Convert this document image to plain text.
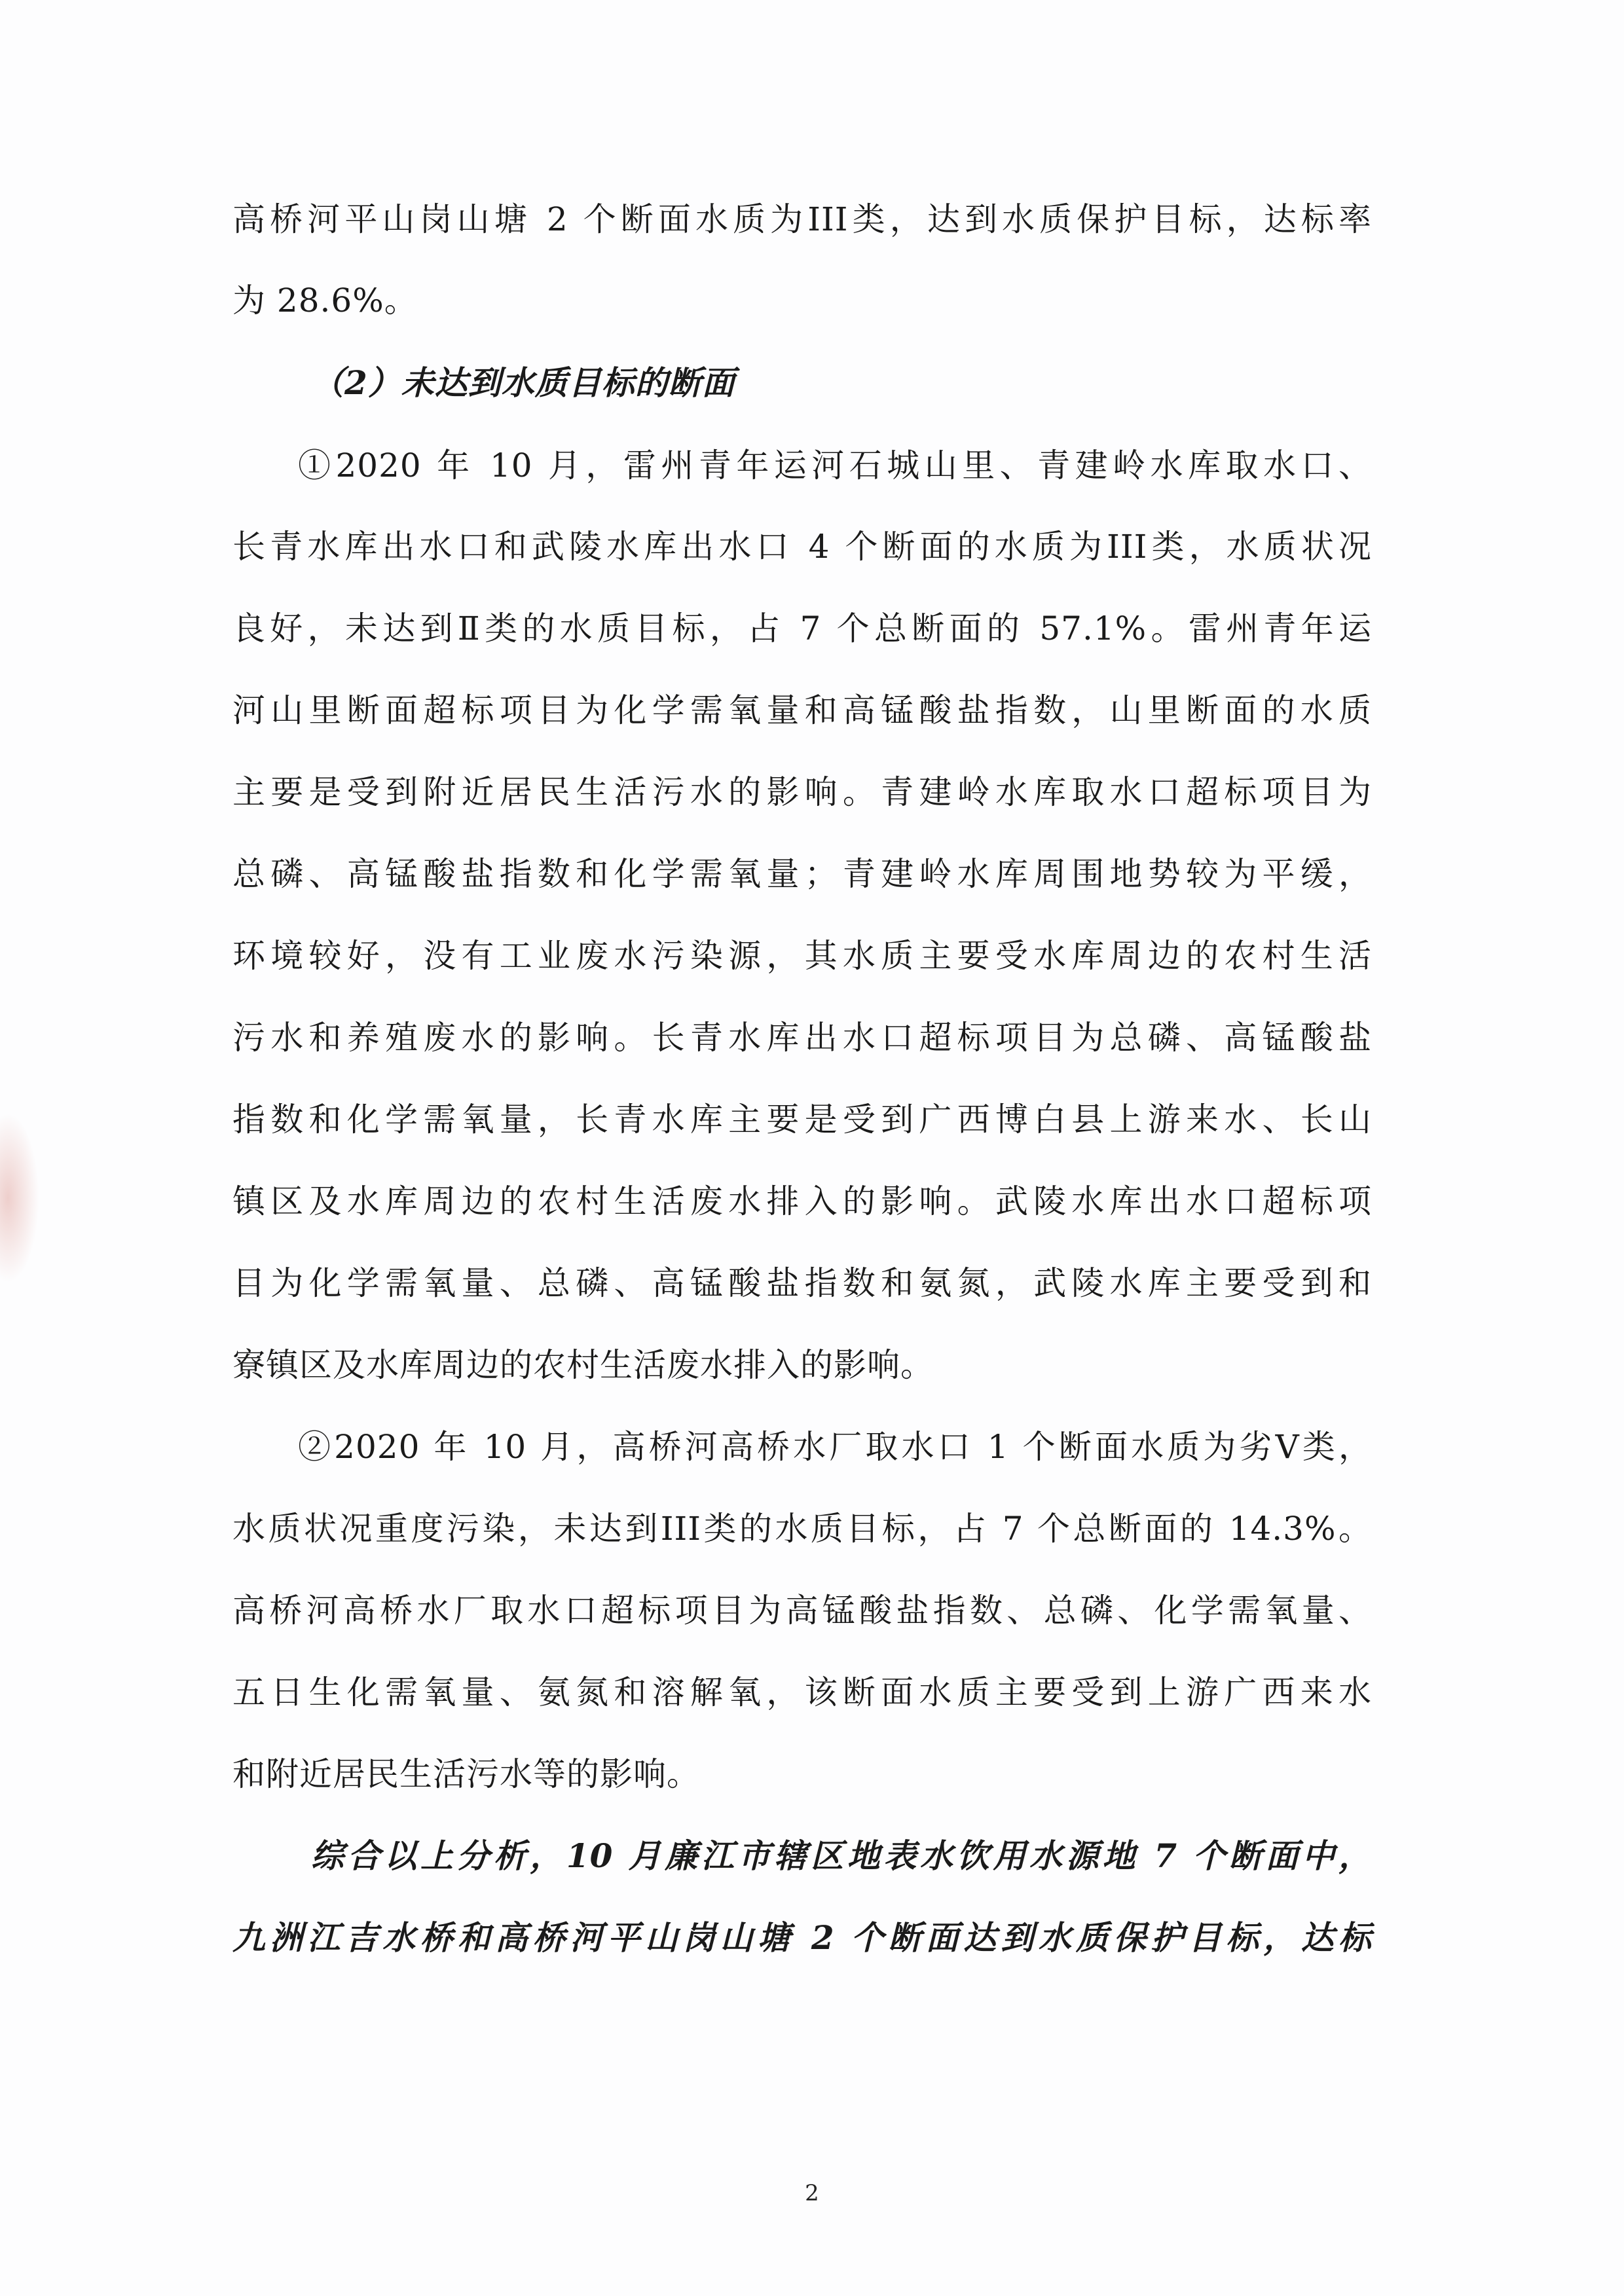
高桥河平山岗山塘 2 个断面水质为III类，达到水质保护目标，达标率
为 28.6%。
（2）未达到水质目标的断面
①2020 年 10 月，雷州青年运河石城山里、青建岭水库取水口、
长青水库出水口和武陵水库出水口 4 个断面的水质为III类，水质状况
良好，未达到Ⅱ类的水质目标，占 7 个总断面的 57.1%。雷州青年运
河山里断面超标项目为化学需氧量和高锰酸盐指数，山里断面的水质
主要是受到附近居民生活污水的影响。青建岭水库取水口超标项目为
总磷、高锰酸盐指数和化学需氧量；青建岭水库周围地势较为平缓，
环境较好，没有工业废水污染源，其水质主要受水库周边的农村生活
污水和养殖废水的影响。长青水库出水口超标项目为总磷、高锰酸盐
指数和化学需氧量，长青水库主要是受到广西博白县上游来水、长山
镇区及水库周边的农村生活废水排入的影响。武陵水库出水口超标项
目为化学需氧量、总磷、高锰酸盐指数和氨氮，武陵水库主要受到和
寮镇区及水库周边的农村生活废水排入的影响。
②2020 年 10 月，高桥河高桥水厂取水口 1 个断面水质为劣Ⅴ类，
水质状况重度污染，未达到III类的水质目标，占 7 个总断面的 14.3%。
高桥河高桥水厂取水口超标项目为高锰酸盐指数、总磷、化学需氧量、
五日生化需氧量、氨氮和溶解氧，该断面水质主要受到上游广西来水
和附近居民生活污水等的影响。
综合以上分析，10 月廉江市辖区地表水饮用水源地 7 个断面中，
九洲江吉水桥和高桥河平山岗山塘 2 个断面达到水质保护目标，达标
2
